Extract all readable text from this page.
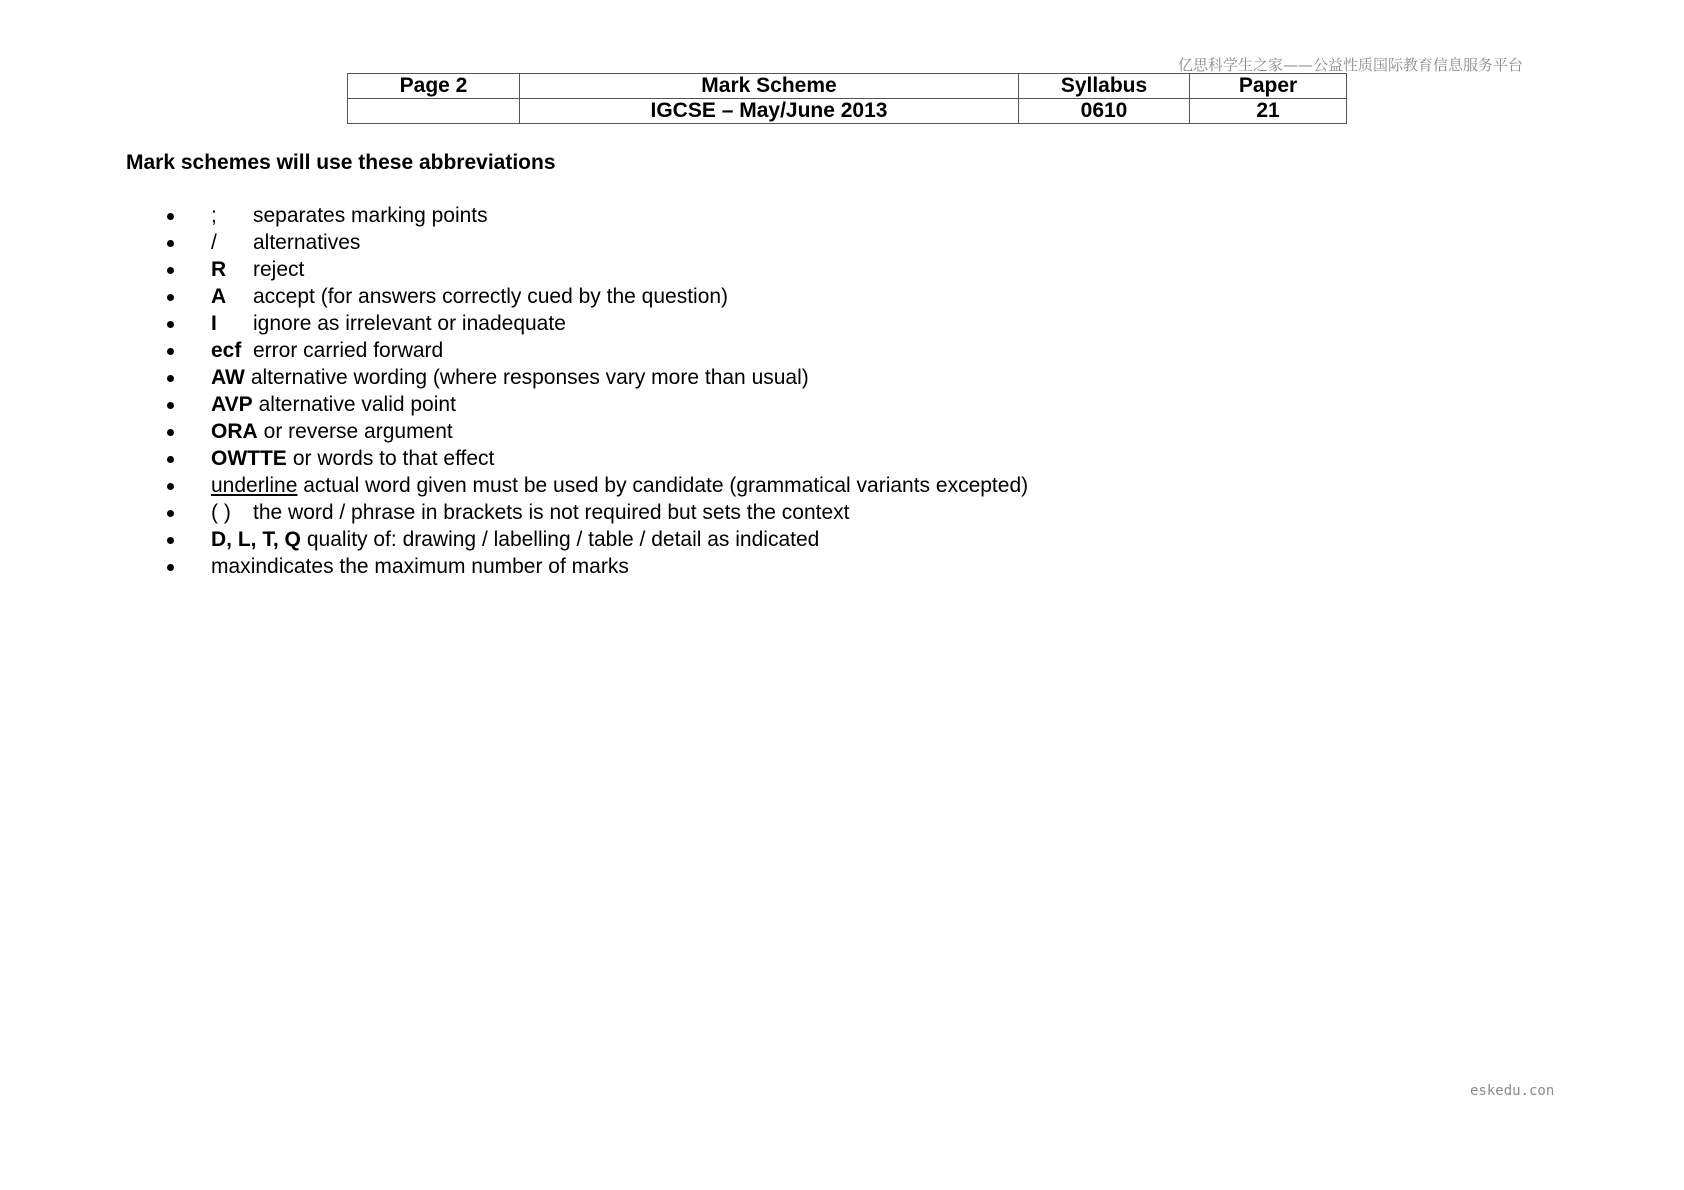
亿思科学生之家——公益性质国际教育信息服务平台
Page 2	Mark Scheme	Syllabus	Paper
	IGCSE – May/June 2013	0610	21
Mark schemes will use these abbreviations
; separates marking points
/ alternatives
R reject
A accept (for answers correctly cued by the question)
I ignore as irrelevant or inadequate
ecf error carried forward
AW alternative wording (where responses vary more than usual)
AVP alternative valid point
ORA or reverse argument
OWTTE or words to that effect
underline actual word given must be used by candidate (grammatical variants excepted)
( ) the word / phrase in brackets is not required but sets the context
D, L, T, Q quality of: drawing / labelling / table / detail as indicated
maxindicates the maximum number of marks
eskedu.con
